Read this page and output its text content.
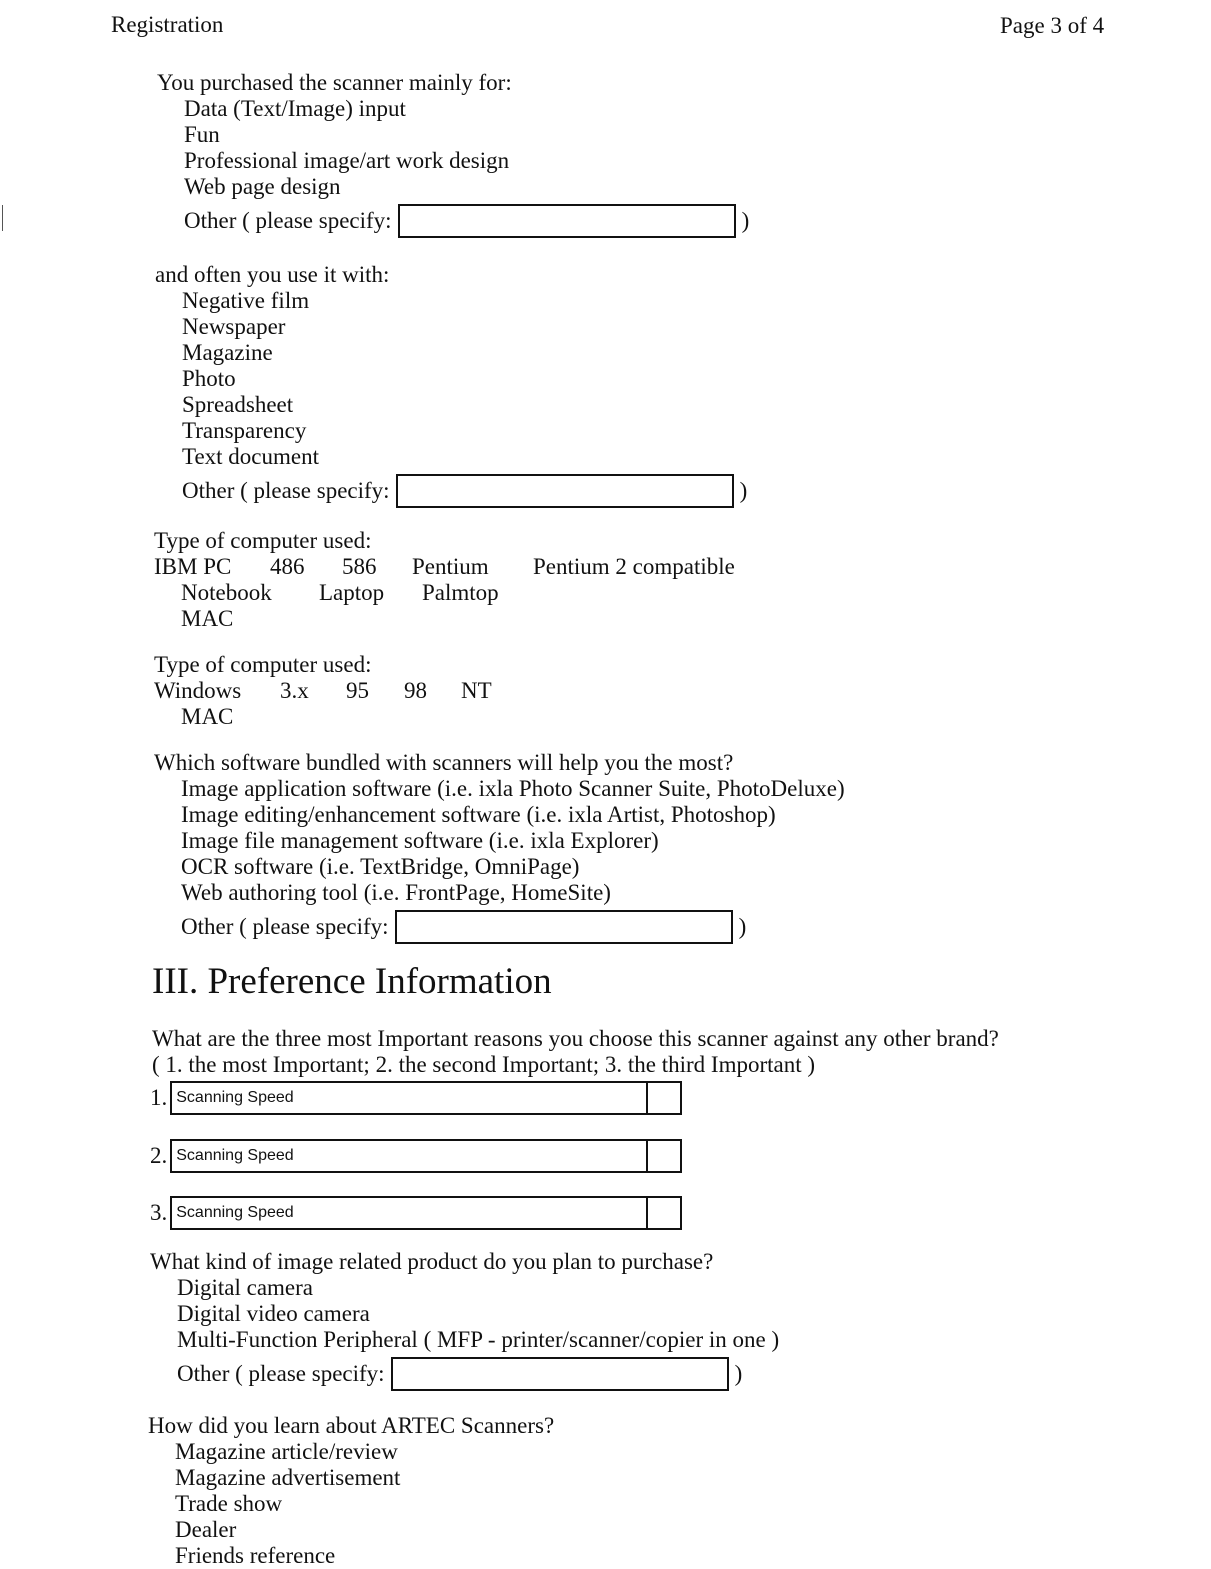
Registration	Page 3 of 4
You purchased the scanner mainly for:
Data (Text/Image) input
Fun
Professional image/art work design
Web page design
Other ( please specify:	)
and often you use it with:
Negative film
Newspaper
Magazine
Photo
Spreadsheet
Transparency
Text document
Other ( please specify:	)
Type of computer used:
IBM PC 486 586 Pentium Pentium 2 compatible
Notebook Laptop Palmtop
MAC
Type of computer used:
Windows 3.x 95 98 NT
MAC
Which software bundled with scanners will help you the most?
Image application software (i.e. ixla Photo Scanner Suite, PhotoDeluxe)
Image editing/enhancement software (i.e. ixla Artist, Photoshop)
Image file management software (i.e. ixla Explorer)
OCR software (i.e. TextBridge, OmniPage)
Web authoring tool (i.e. FrontPage, HomeSite)
Other ( please specify:	)
III. Preference Information
What are the three most Important reasons you choose this scanner against any other brand?
( 1. the most Important; 2. the second Important; 3. the third Important )
1. Scanning Speed
2. Scanning Speed
3. Scanning Speed
What kind of image related product do you plan to purchase?
Digital camera
Digital video camera
Multi-Function Peripheral ( MFP - printer/scanner/copier in one )
Other ( please specify:	)
How did you learn about ARTEC Scanners?
Magazine article/review
Magazine advertisement
Trade show
Dealer
Friends reference
